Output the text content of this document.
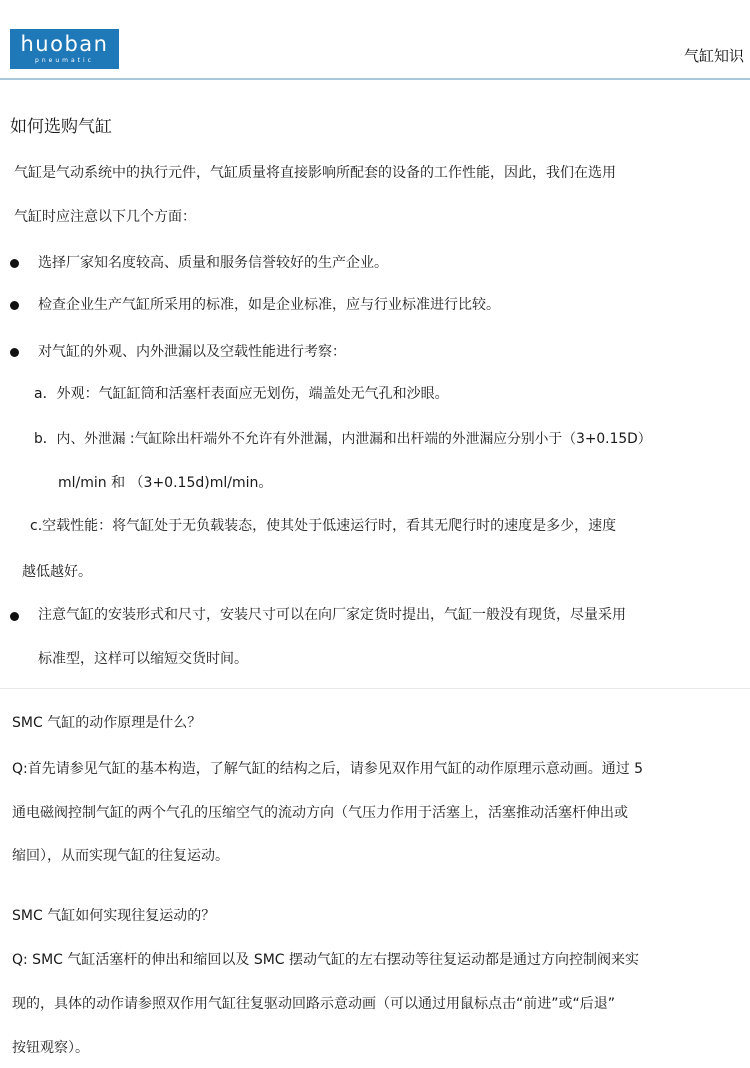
huoban
pneumatic	气缸知识
如何选购气缸
气缸是气动系统中的执行元件，气缸质量将直接影响所配套的设备的工作性能，因此，我们在选用
气缸时应注意以下几个方面：
选择厂家知名度较高、质量和服务信誉较好的生产企业。
检查企业生产气缸所采用的标准，如是企业标准，应与行业标准进行比较。
对气缸的外观、内外泄漏以及空载性能进行考察：
a．外观：气缸缸筒和活塞杆表面应无划伤，端盖处无气孔和沙眼。
b．内、外泄漏 :气缸除出杆端外不允许有外泄漏，内泄漏和出杆端的外泄漏应分别小于（3+0.15D）
ml/min 和 （3+0.15d)ml/min。
c.空载性能：将气缸处于无负载装态，使其处于低速运行时，看其无爬行时的速度是多少，速度
越低越好。
注意气缸的安装形式和尺寸，安装尺寸可以在向厂家定货时提出，气缸一般没有现货，尽量采用
标准型，这样可以缩短交货时间。
SMC 气缸的动作原理是什么？
Q:首先请参见气缸的基本构造，了解气缸的结构之后，请参见双作用气缸的动作原理示意动画。通过 5
通电磁阀控制气缸的两个气孔的压缩空气的流动方向（气压力作用于活塞上，活塞推动活塞杆伸出或
缩回），从而实现气缸的往复运动。
SMC 气缸如何实现往复运动的？
Q: SMC 气缸活塞杆的伸出和缩回以及 SMC 摆动气缸的左右摆动等往复运动都是通过方向控制阀来实
现的，具体的动作请参照双作用气缸往复驱动回路示意动画（可以通过用鼠标点击“前进”或“后退”
按钮观察）。
